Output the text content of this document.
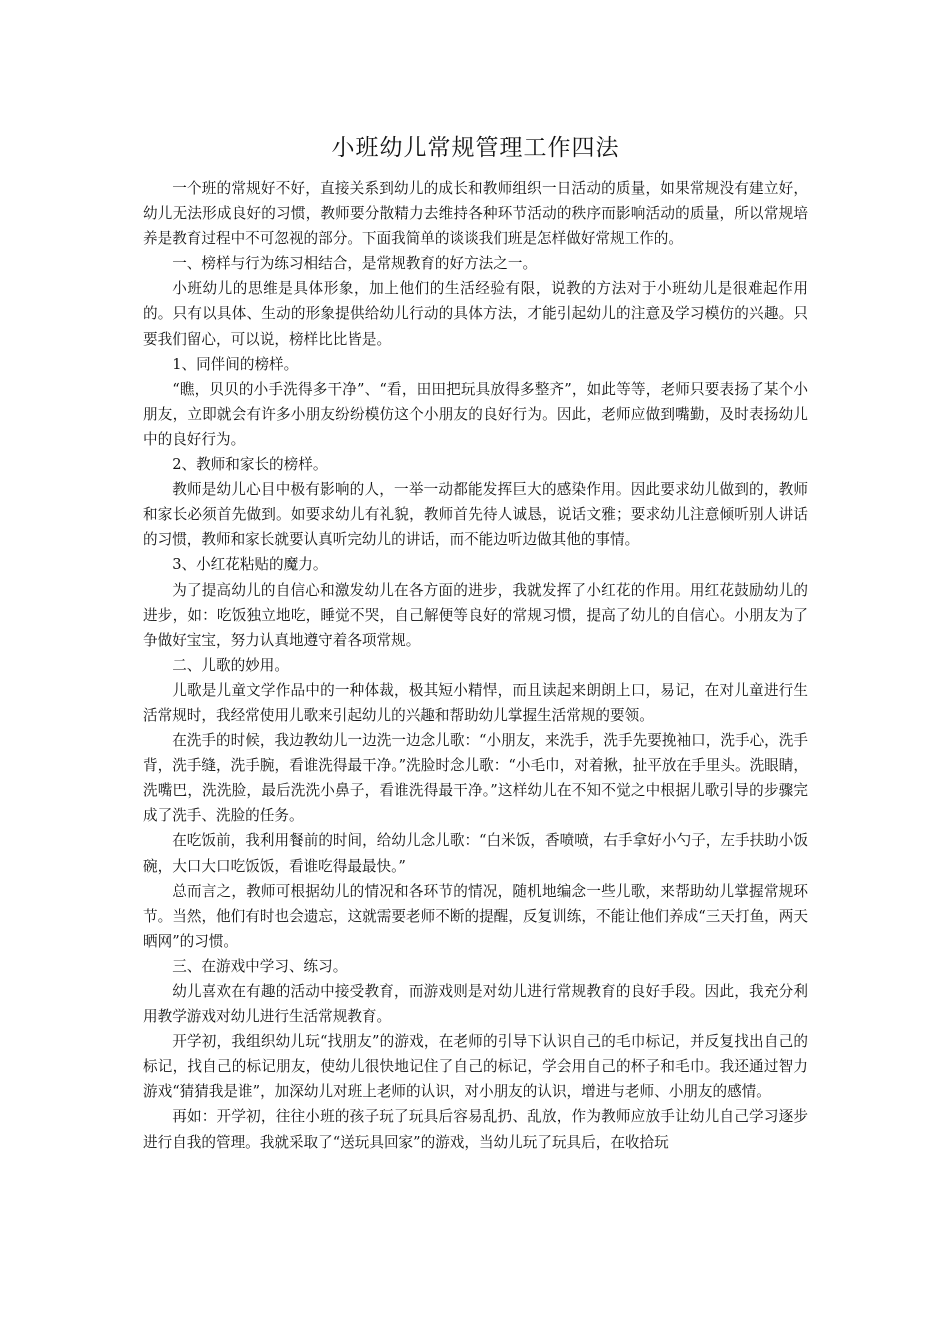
小班幼儿常规管理工作四法

一个班的常规好不好，直接关系到幼儿的成长和教师组织一日活动的质量，如果常规没有建立好，幼儿无法形成良好的习惯，教师要分散精力去维持各种环节活动的秩序而影响活动的质量，所以常规培养是教育过程中不可忽视的部分。下面我简单的谈谈我们班是怎样做好常规工作的。

一、榜样与行为练习相结合，是常规教育的好方法之一。

小班幼儿的思维是具体形象，加上他们的生活经验有限，说教的方法对于小班幼儿是很难起作用的。只有以具体、生动的形象提供给幼儿行动的具体方法，才能引起幼儿的注意及学习模仿的兴趣。只要我们留心，可以说，榜样比比皆是。

1、同伴间的榜样。

“瞧，贝贝的小手洗得多干净”、“看，田田把玩具放得多整齐”，如此等等，老师只要表扬了某个小朋友，立即就会有许多小朋友纷纷模仿这个小朋友的良好行为。因此，老师应做到嘴勤，及时表扬幼儿中的良好行为。

2、教师和家长的榜样。

教师是幼儿心目中极有影响的人，一举一动都能发挥巨大的感染作用。因此要求幼儿做到的，教师和家长必须首先做到。如要求幼儿有礼貌，教师首先待人诚恳，说话文雅；要求幼儿注意倾听别人讲话的习惯，教师和家长就要认真听完幼儿的讲话，而不能边听边做其他的事情。

3、小红花粘贴的魔力。

为了提高幼儿的自信心和激发幼儿在各方面的进步，我就发挥了小红花的作用。用红花鼓励幼儿的进步，如：吃饭独立地吃，睡觉不哭，自己解便等良好的常规习惯，提高了幼儿的自信心。小朋友为了争做好宝宝，努力认真地遵守着各项常规。

二、儿歌的妙用。

儿歌是儿童文学作品中的一种体裁，极其短小精悍，而且读起来朗朗上口，易记，在对儿童进行生活常规时，我经常使用儿歌来引起幼儿的兴趣和帮助幼儿掌握生活常规的要领。

在洗手的时候，我边教幼儿一边洗一边念儿歌：“小朋友，来洗手，洗手先要挽袖口，洗手心，洗手背，洗手缝，洗手腕，看谁洗得最干净。”洗脸时念儿歌：“小毛巾，对着揪，扯平放在手里头。洗眼睛，洗嘴巴，洗洗脸，最后洗洗小鼻子，看谁洗得最干净。”这样幼儿在不知不觉之中根据儿歌引导的步骤完成了洗手、洗脸的任务。

在吃饭前，我利用餐前的时间，给幼儿念儿歌：“白米饭，香喷喷，右手拿好小勺子，左手扶助小饭碗，大口大口吃饭饭，看谁吃得最最快。”

总而言之，教师可根据幼儿的情况和各环节的情况，随机地编念一些儿歌，来帮助幼儿掌握常规环节。当然，他们有时也会遗忘，这就需要老师不断的提醒，反复训练，不能让他们养成“三天打鱼，两天晒网”的习惯。

三、在游戏中学习、练习。

幼儿喜欢在有趣的活动中接受教育，而游戏则是对幼儿进行常规教育的良好手段。因此，我充分利用教学游戏对幼儿进行生活常规教育。

开学初，我组织幼儿玩“找朋友”的游戏，在老师的引导下认识自己的毛巾标记，并反复找出自己的标记，找自己的标记朋友，使幼儿很快地记住了自己的标记，学会用自己的杯子和毛巾。我还通过智力游戏“猜猜我是谁”，加深幼儿对班上老师的认识，对小朋友的认识，增进与老师、小朋友的感情。

再如：开学初，往往小班的孩子玩了玩具后容易乱扔、乱放，作为教师应放手让幼儿自己学习逐步进行自我的管理。我就采取了“送玩具回家”的游戏，当幼儿玩了玩具后，在收拾玩
